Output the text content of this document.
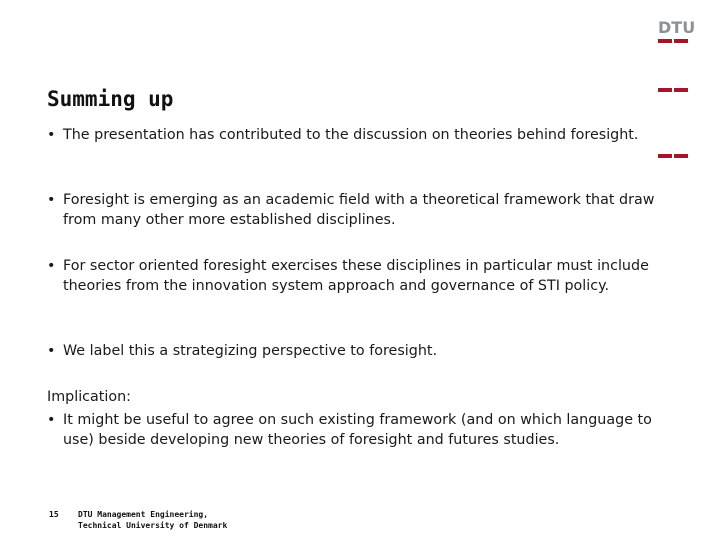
DTU
Summing up

• The presentation has contributed to the discussion on theories behind foresight.

• Foresight is emerging as an academic field with a theoretical framework that draw from many other more established disciplines.

• For sector oriented foresight exercises these disciplines in particular must include theories from the innovation system approach and governance of STI policy.

• We label this a strategizing perspective to foresight.

Implication:

• It might be useful to agree on such existing framework (and on which language to use) beside developing new theories of foresight and futures studies.

15 DTU Management Engineering,
Technical University of Denmark
